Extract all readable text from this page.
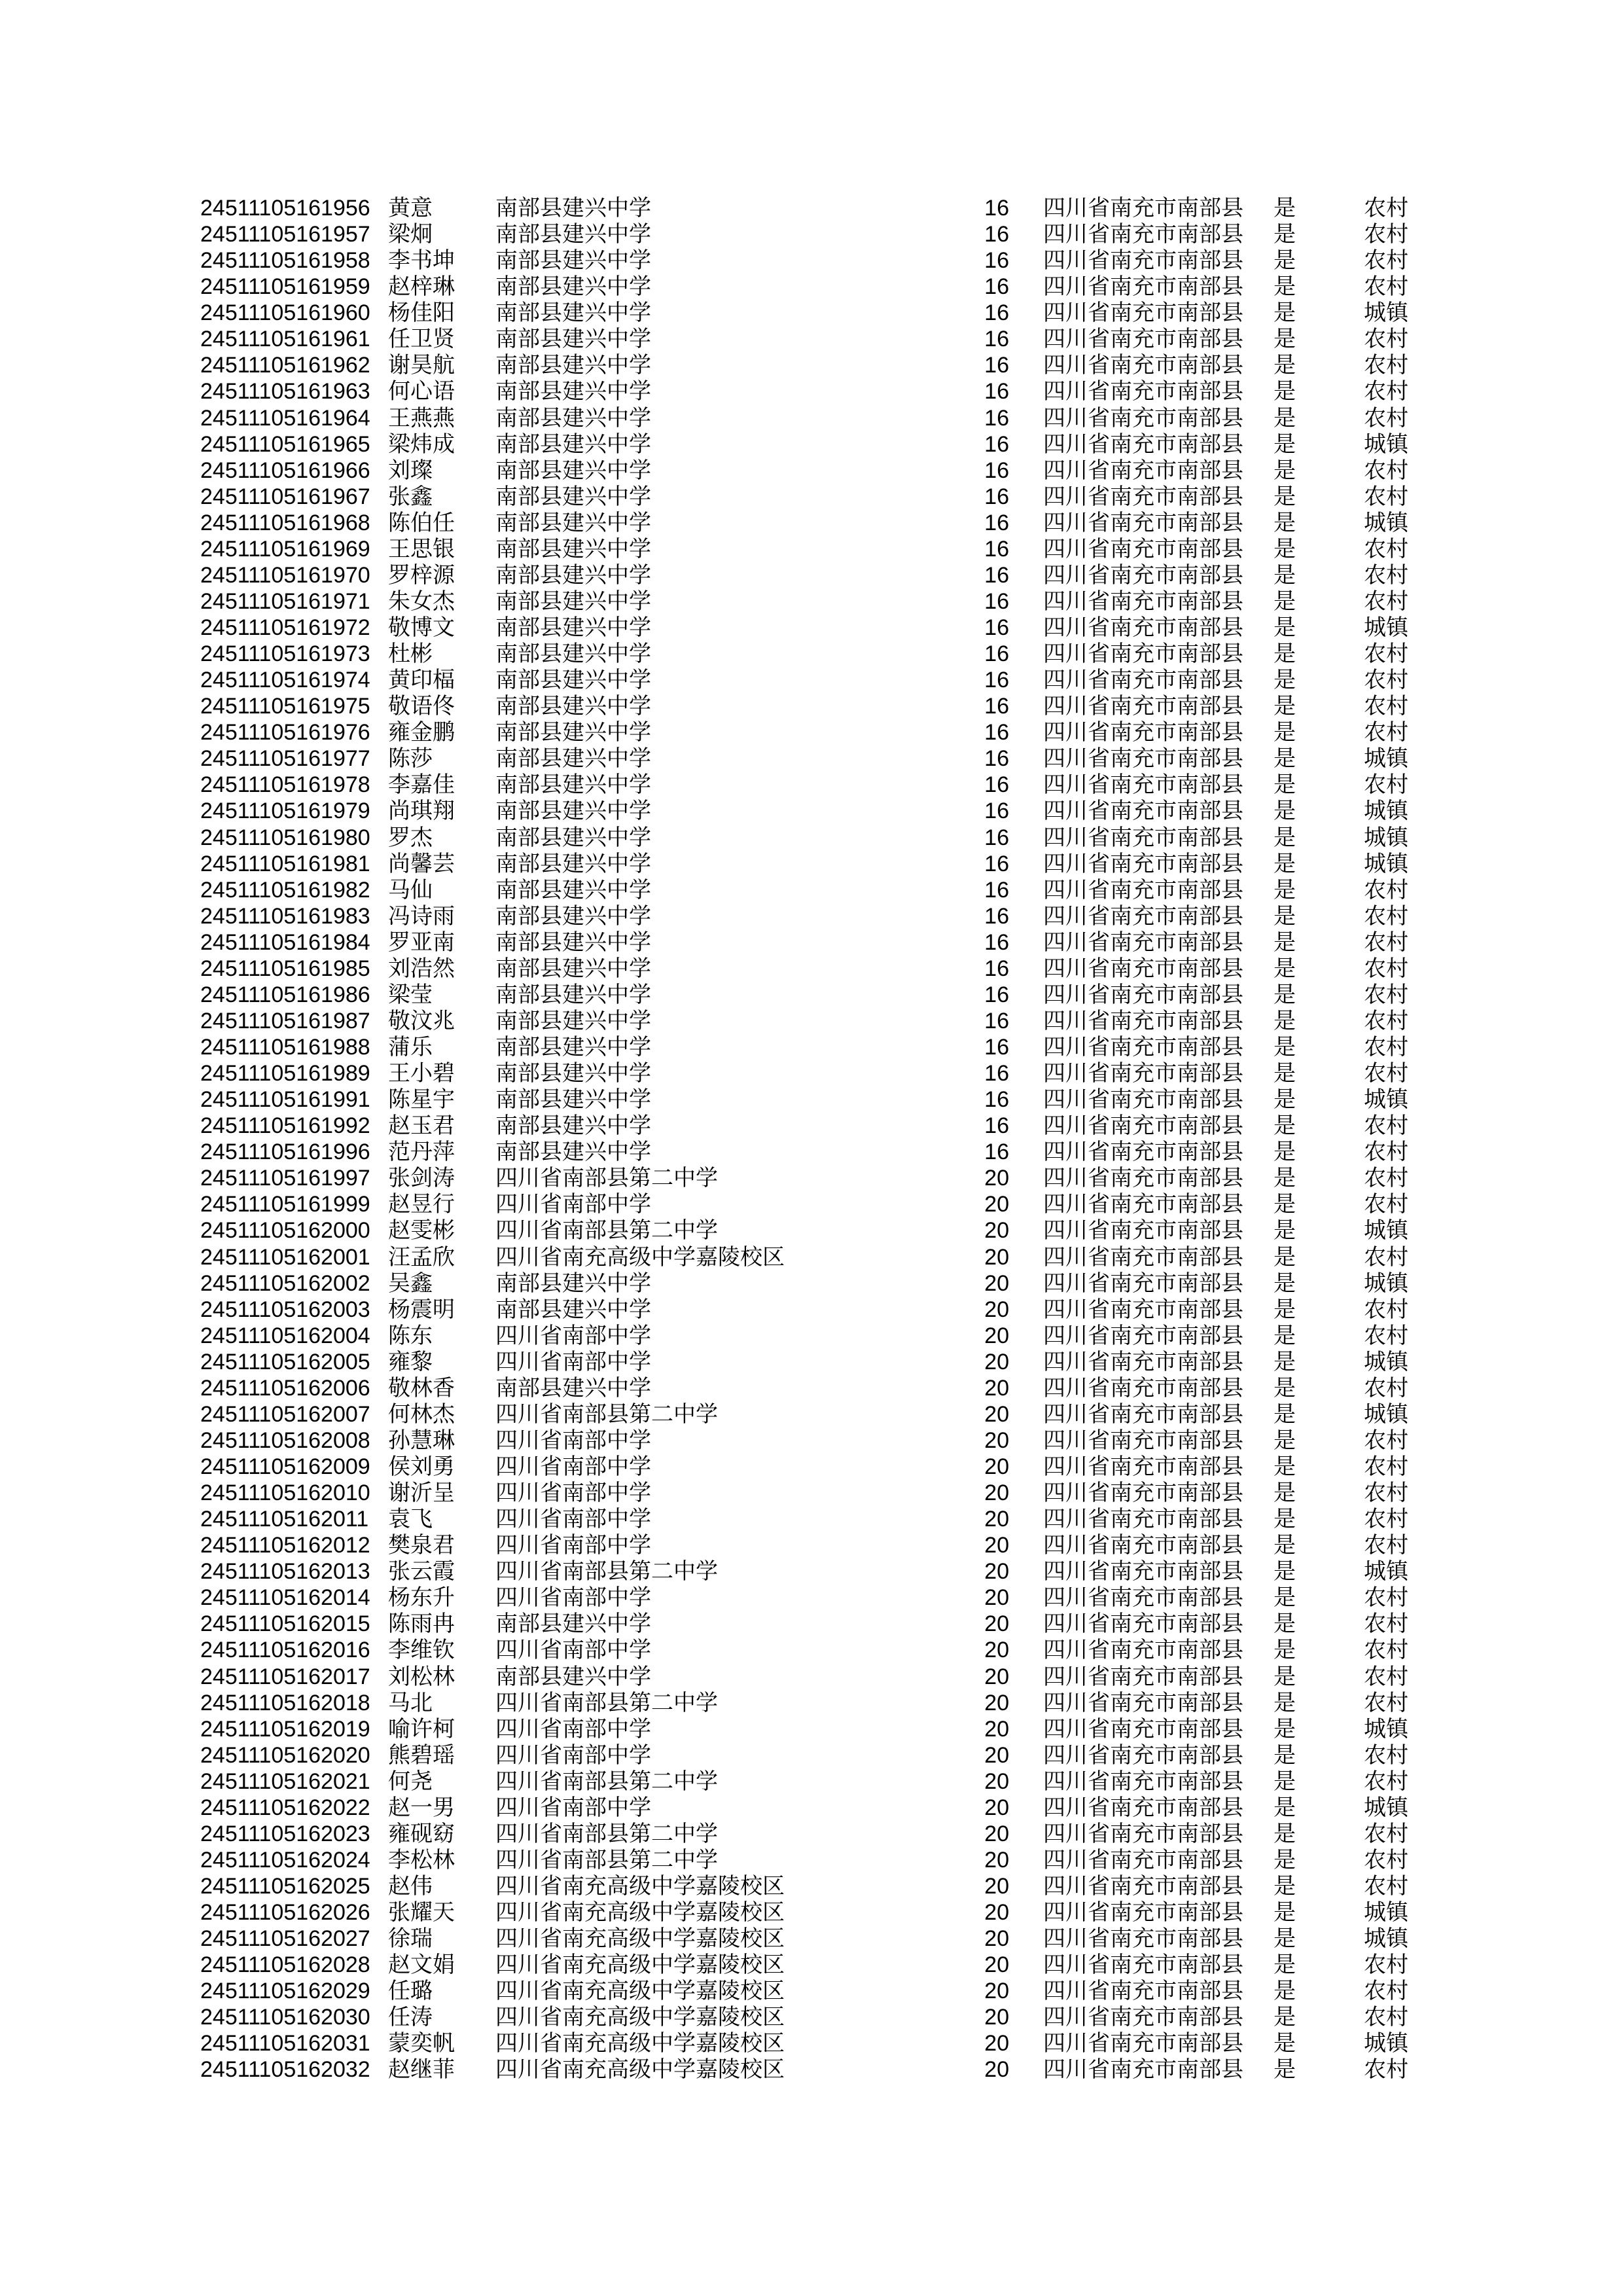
24511105161956 黄意	南部县建兴中学	16 四川省南充市南部县 是	农村
24511105161957 梁炯	南部县建兴中学	16 四川省南充市南部县 是	农村
24511105161958 李书坤 南部县建兴中学	16 四川省南充市南部县 是	农村
24511105161959 赵梓琳 南部县建兴中学	16 四川省南充市南部县 是	农村
24511105161960 杨佳阳 南部县建兴中学	16 四川省南充市南部县 是	城镇
24511105161961 任卫贤 南部县建兴中学	16 四川省南充市南部县 是	农村
24511105161962 谢昊航 南部县建兴中学	16 四川省南充市南部县 是	农村
24511105161963 何心语 南部县建兴中学	16 四川省南充市南部县 是	农村
24511105161964 王燕燕 南部县建兴中学	16 四川省南充市南部县 是	农村
24511105161965 梁炜成 南部县建兴中学	16 四川省南充市南部县 是	城镇
24511105161966 刘璨	南部县建兴中学	16 四川省南充市南部县 是	农村
24511105161967 张鑫	南部县建兴中学	16 四川省南充市南部县 是	农村
24511105161968 陈伯任 南部县建兴中学	16 四川省南充市南部县 是	城镇
24511105161969 王思银 南部县建兴中学	16 四川省南充市南部县 是	农村
24511105161970 罗梓源 南部县建兴中学	16 四川省南充市南部县 是	农村
24511105161971 朱女杰 南部县建兴中学	16 四川省南充市南部县 是	农村
24511105161972 敬博文 南部县建兴中学	16 四川省南充市南部县 是	城镇
24511105161973 杜彬	南部县建兴中学	16 四川省南充市南部县 是	农村
24511105161974 黄印楅 南部县建兴中学	16 四川省南充市南部县 是	农村
24511105161975 敬语佟 南部县建兴中学	16 四川省南充市南部县 是	农村
24511105161976 雍金鹏 南部县建兴中学	16 四川省南充市南部县 是	农村
24511105161977 陈莎	南部县建兴中学	16 四川省南充市南部县 是	城镇
24511105161978 李嘉佳 南部县建兴中学	16 四川省南充市南部县 是	农村
24511105161979 尚琪翔 南部县建兴中学	16 四川省南充市南部县 是	城镇
24511105161980 罗杰	南部县建兴中学	16 四川省南充市南部县 是	城镇
24511105161981 尚馨芸 南部县建兴中学	16 四川省南充市南部县 是	城镇
24511105161982 马仙	南部县建兴中学	16 四川省南充市南部县 是	农村
24511105161983 冯诗雨 南部县建兴中学	16 四川省南充市南部县 是	农村
24511105161984 罗亚南 南部县建兴中学	16 四川省南充市南部县 是	农村
24511105161985 刘浩然 南部县建兴中学	16 四川省南充市南部县 是	农村
24511105161986 梁莹	南部县建兴中学	16 四川省南充市南部县 是	农村
24511105161987 敬汶兆 南部县建兴中学	16 四川省南充市南部县 是	农村
24511105161988 蒲乐	南部县建兴中学	16 四川省南充市南部县 是	农村
24511105161989 王小碧 南部县建兴中学	16 四川省南充市南部县 是	农村
24511105161991 陈星宇 南部县建兴中学	16 四川省南充市南部县 是	城镇
24511105161992 赵玉君 南部县建兴中学	16 四川省南充市南部县 是	农村
24511105161996 范丹萍 南部县建兴中学	16 四川省南充市南部县 是	农村
24511105161997 张剑涛 四川省南部县第二中学	20 四川省南充市南部县 是	农村
24511105161999 赵昱行 四川省南部中学	20 四川省南充市南部县 是	农村
24511105162000 赵雯彬 四川省南部县第二中学	20 四川省南充市南部县 是	城镇
24511105162001 汪孟欣 四川省南充高级中学嘉陵校区	20 四川省南充市南部县 是	农村
24511105162002 吴鑫	南部县建兴中学	20 四川省南充市南部县 是	城镇
24511105162003 杨震明 南部县建兴中学	20 四川省南充市南部县 是	农村
24511105162004 陈东	四川省南部中学	20 四川省南充市南部县 是	农村
24511105162005 雍黎	四川省南部中学	20 四川省南充市南部县 是	城镇
24511105162006 敬林香 南部县建兴中学	20 四川省南充市南部县 是	农村
24511105162007 何林杰 四川省南部县第二中学	20 四川省南充市南部县 是	城镇
24511105162008 孙慧琳 四川省南部中学	20 四川省南充市南部县 是	农村
24511105162009 侯刘勇 四川省南部中学	20 四川省南充市南部县 是	农村
24511105162010 谢沂呈 四川省南部中学	20 四川省南充市南部县 是	农村
24511105162011 袁飞	四川省南部中学	20 四川省南充市南部县 是	农村
24511105162012 樊泉君 四川省南部中学	20 四川省南充市南部县 是	农村
24511105162013 张云霞 四川省南部县第二中学	20 四川省南充市南部县 是	城镇
24511105162014 杨东升 四川省南部中学	20 四川省南充市南部县 是	农村
24511105162015 陈雨冉 南部县建兴中学	20 四川省南充市南部县 是	农村
24511105162016 李维钦 四川省南部中学	20 四川省南充市南部县 是	农村
24511105162017 刘松林 南部县建兴中学	20 四川省南充市南部县 是	农村
24511105162018 马北	四川省南部县第二中学	20 四川省南充市南部县 是	农村
24511105162019 喻许柯 四川省南部中学	20 四川省南充市南部县 是	城镇
24511105162020 熊碧瑶 四川省南部中学	20 四川省南充市南部县 是	农村
24511105162021 何尧	四川省南部县第二中学	20 四川省南充市南部县 是	农村
24511105162022 赵一男 四川省南部中学	20 四川省南充市南部县 是	城镇
24511105162023 雍砚窈 四川省南部县第二中学	20 四川省南充市南部县 是	农村
24511105162024 李松林 四川省南部县第二中学	20 四川省南充市南部县 是	农村
24511105162025 赵伟	四川省南充高级中学嘉陵校区	20 四川省南充市南部县 是	农村
24511105162026 张耀天 四川省南充高级中学嘉陵校区	20 四川省南充市南部县 是	城镇
24511105162027 徐瑞	四川省南充高级中学嘉陵校区	20 四川省南充市南部县 是	城镇
24511105162028 赵文娟 四川省南充高级中学嘉陵校区	20 四川省南充市南部县 是	农村
24511105162029 任璐	四川省南充高级中学嘉陵校区	20 四川省南充市南部县 是	农村
24511105162030 任涛	四川省南充高级中学嘉陵校区	20 四川省南充市南部县 是	农村
24511105162031 蒙奕帆 四川省南充高级中学嘉陵校区	20 四川省南充市南部县 是	城镇
24511105162032 赵继菲 四川省南充高级中学嘉陵校区	20 四川省南充市南部县 是	农村
